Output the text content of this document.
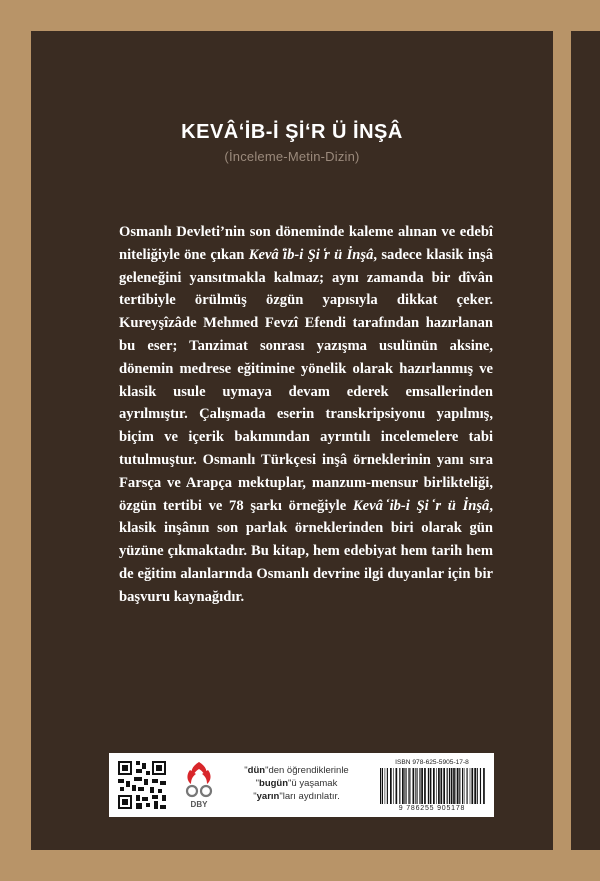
KEVÂʻİB-İ ŞİʻR Ü İNŞÂ
(İnceleme-Metin-Dizin)

Osmanlı Devleti’nin son döneminde kaleme alınan ve edebî niteliğiyle öne çıkan Kevâ ̒ib-i Şi ̒r ü İnşâ, sadece klasik inşâ geleneğini yansıtmakla kalmaz; aynı zamanda bir dîvân tertibiyle örülmüş özgün yapısıyla dikkat çeker. Kureyşîzâde Mehmed Fevzî Efendi tarafından hazırlanan bu eser; Tanzimat sonrası yazışma usulünün aksine, dönemin medrese eğitimine yönelik olarak hazırlanmış ve klasik usule uymaya devam ederek emsallerinden ayrılmıştır. Çalışmada eserin transkripsiyonu yapılmış, biçim ve içerik bakımından ayrıntılı incelemelere tabi tutulmuştur. Osmanlı Türkçesi inşâ örneklerinin yanı sıra Farsça ve Arapça mektuplar, manzum-mensur birlikteliği, özgün tertibi ve 78 şarkı örneğiyle Kevâ ̒ib-i Şi ̒r ü İnşâ, klasik inşânın son parlak örneklerinden biri olarak gün yüzüne çıkmaktadır. Bu kitap, hem edebiyat hem tarih hem de eğitim alanlarında Osmanlı devrine ilgi duyanlar için bir başvuru kaynağıdır.

DBY
"dün"den öğrendiklerinle
"bugün"ü yaşamak
"yarın"ları aydınlatır.
ISBN 978-625-5905-17-8
9 786255 905178
